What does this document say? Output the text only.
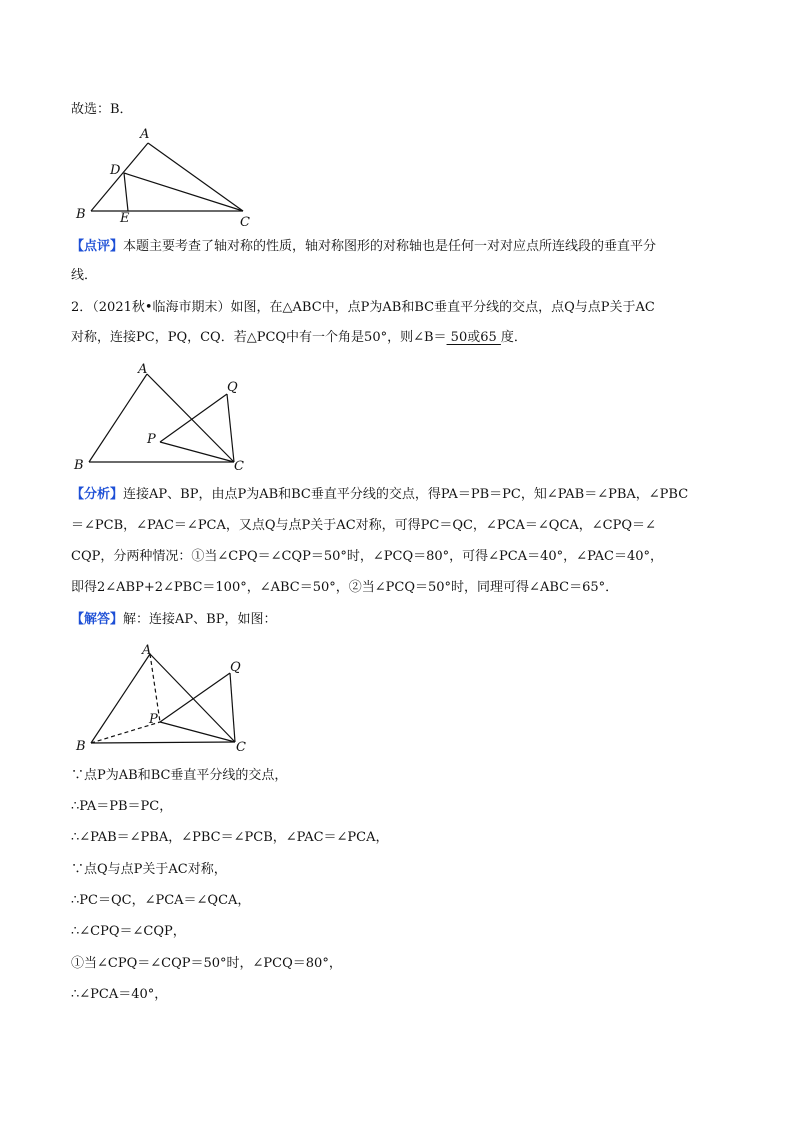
故选：B．
A
B
C
D
E
【点评】本题主要考查了轴对称的性质，轴对称图形的对称轴也是任何一对对应点所连线段的垂直平分
线．
2．（2021秋•临海市期末）如图，在△ABC中，点P为AB和BC垂直平分线的交点，点Q与点P关于AC
对称，连接PC，PQ，CQ．若△PCQ中有一个角是50°，则∠B＝ 50或65 度．
A
B	C
P
Q
【分析】连接AP、BP，由点P为AB和BC垂直平分线的交点，得PA＝PB＝PC，知∠PAB＝∠PBA，∠PBC
＝∠PCB，∠PAC＝∠PCA，又点Q与点P关于AC对称，可得PC＝QC，∠PCA＝∠QCA，∠CPQ＝∠
CQP，分两种情况：①当∠CPQ＝∠CQP＝50°时，∠PCQ＝80°，可得∠PCA＝40°，∠PAC＝40°，
即得2∠ABP+2∠PBC＝100°，∠ABC＝50°，②当∠PCQ＝50°时，同理可得∠ABC＝65°．
【解答】解：连接AP、BP，如图：
A
B	C
P
Q
∵点P为AB和BC垂直平分线的交点，
∴PA＝PB＝PC，
∴∠PAB＝∠PBA，∠PBC＝∠PCB，∠PAC＝∠PCA，
∵点Q与点P关于AC对称，
∴PC＝QC，∠PCA＝∠QCA，
∴∠CPQ＝∠CQP，
①当∠CPQ＝∠CQP＝50°时，∠PCQ＝80°，
∴∠PCA＝40°，
